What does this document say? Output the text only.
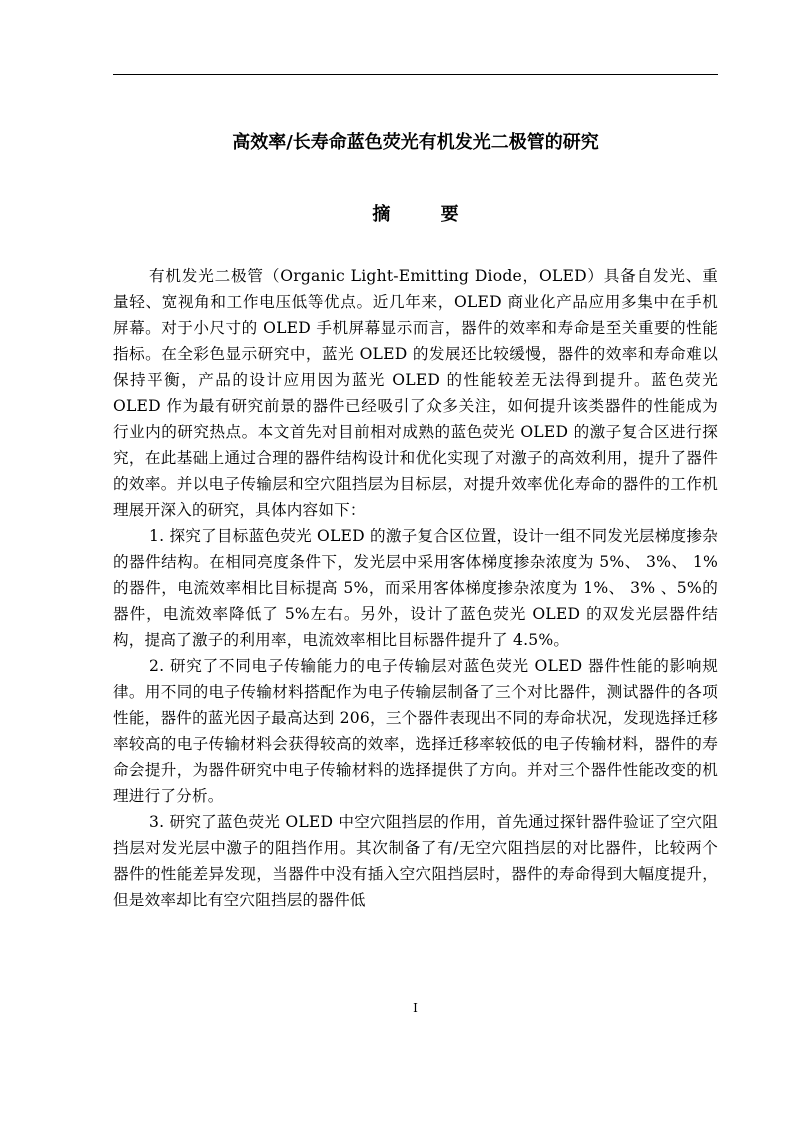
高效率/长寿命蓝色荧光有机发光二极管的研究
摘 要

有机发光二极管（Organic Light-Emitting Diode，OLED）具备自发光、重量轻、宽视角和工作电压低等优点。近几年来，OLED 商业化产品应用多集中在手机屏幕。对于小尺寸的 OLED 手机屏幕显示而言，器件的效率和寿命是至关重要的性能指标。在全彩色显示研究中，蓝光 OLED 的发展还比较缓慢，器件的效率和寿命难以保持平衡，产品的设计应用因为蓝光 OLED 的性能较差无法得到提升。蓝色荧光 OLED 作为最有研究前景的器件已经吸引了众多关注，如何提升该类器件的性能成为行业内的研究热点。本文首先对目前相对成熟的蓝色荧光 OLED 的激子复合区进行探究，在此基础上通过合理的器件结构设计和优化实现了对激子的高效利用，提升了器件的效率。并以电子传输层和空穴阻挡层为目标层，对提升效率优化寿命的器件的工作机理展开深入的研究，具体内容如下：

1. 探究了目标蓝色荧光 OLED 的激子复合区位置，设计一组不同发光层梯度掺杂的器件结构。在相同亮度条件下，发光层中采用客体梯度掺杂浓度为 5%、 3%、 1%的器件，电流效率相比目标提高 5%，而采用客体梯度掺杂浓度为 1%、 3% 、5%的器件，电流效率降低了 5%左右。另外，设计了蓝色荧光 OLED 的双发光层器件结构，提高了激子的利用率，电流效率相比目标器件提升了 4.5%。

2. 研究了不同电子传输能力的电子传输层对蓝色荧光 OLED 器件性能的影响规律。用不同的电子传输材料搭配作为电子传输层制备了三个对比器件，测试器件的各项性能，器件的蓝光因子最高达到 206，三个器件表现出不同的寿命状况，发现选择迁移率较高的电子传输材料会获得较高的效率，选择迁移率较低的电子传输材料，器件的寿命会提升，为器件研究中电子传输材料的选择提供了方向。并对三个器件性能改变的机理进行了分析。

3. 研究了蓝色荧光 OLED 中空穴阻挡层的作用，首先通过探针器件验证了空穴阻挡层对发光层中激子的阻挡作用。其次制备了有/无空穴阻挡层的对比器件，比较两个器件的性能差异发现，当器件中没有插入空穴阻挡层时，器件的寿命得到大幅度提升，但是效率却比有空穴阻挡层的器件低

I
